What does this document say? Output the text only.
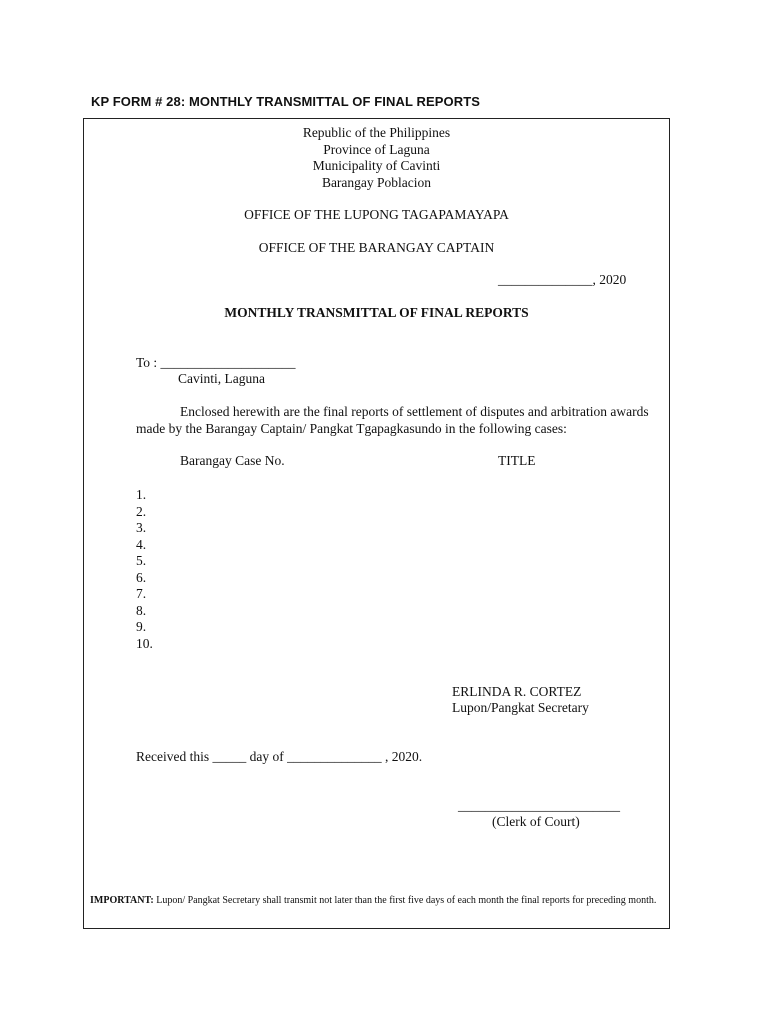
KP FORM # 28: MONTHLY TRANSMITTAL OF FINAL REPORTS
Republic of the Philippines
Province of Laguna
Municipality of Cavinti
Barangay Poblacion
OFFICE OF THE LUPONG TAGAPAMAYAPA
OFFICE OF THE BARANGAY CAPTAIN
______________, 2020
MONTHLY TRANSMITTAL OF FINAL REPORTS
To : ____________________
Cavinti, Laguna
Enclosed herewith are the final reports of settlement of disputes and arbitration awards
made by the Barangay Captain/ Pangkat Tgapagkasundo in the following cases:
Barangay Case No.	TITLE
1.
2.
3.
4.
5.
6.
7.
8.
9.
10.
ERLINDA R. CORTEZ
Lupon/Pangkat Secretary
Received this _____ day of ______________ , 2020.
________________________
(Clerk of Court)
IMPORTANT: Lupon/ Pangkat Secretary shall transmit not later than the first five days of each month the final reports for preceding month.
